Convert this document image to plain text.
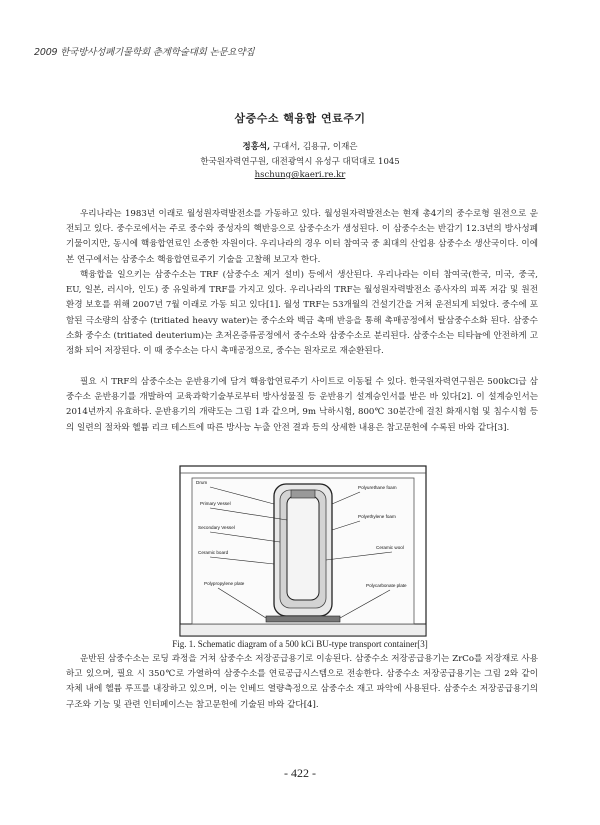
2009 한국방사성폐기물학회 춘계학술대회 논문요약집
삼중수소 핵융합 연료주기
정홍석, 구대서, 김용규, 이재은
한국원자력연구원, 대전광역시 유성구 대덕대로 1045
hschung@kaeri.re.kr

우리나라는 1983년 이래로 월성원자력발전소를 가동하고 있다. 월성원자력발전소는 현재 총4기의 중수로형 원전으로 운전되고 있다. 중수로에서는 주로 중수와 중성자의 핵반응으로 삼중수소가 생성된다. 이 삼중수소는 반감기 12.3년의 방사성폐기물이지만, 동시에 핵융합연료인 소중한 자원이다. 우리나라의 경우 이터 참여국 중 최대의 산업용 삼중수소 생산국이다. 이에 본 연구에서는 삼중수소 핵융합연료주기 기술을 고찰해 보고자 한다.

핵융합을 일으키는 삼중수소는 TRF (삼중수소 제거 설비) 등에서 생산된다. 우리나라는 이터 참여국(한국, 미국, 중국, EU, 일본, 러시아, 인도) 중 유일하게 TRF를 가지고 있다. 우리나라의 TRF는 월성원자력발전소 종사자의 피폭 저감 및 원전 환경 보호를 위해 2007년 7월 이래로 가동 되고 있다[1]. 월성 TRF는 53개월의 건설기간을 거쳐 운전되게 되었다. 중수에 포함된 극소량의 삼중수 (tritiated heavy water)는 중수소와 백금 촉매 반응을 통해 촉매공정에서 탈삼중수소화 된다. 삼중수소화 중수소 (tritiated deuterium)는 초저온증류공정에서 중수소와 삼중수소로 분리된다. 삼중수소는 티타늄에 안전하게 고정화 되어 저장된다. 이 때 중수소는 다시 촉매공정으로, 중수는 원자로로 재순환된다.

필요 시 TRF의 삼중수소는 운반용기에 담겨 핵융합연료주기 사이트로 이동될 수 있다. 한국원자력연구원은 500kCi급 삼중수소 운반용기를 개발하여 교육과학기술부로부터 방사성물질 등 운반용기 설계승인서를 받은 바 있다[2]. 이 설계승인서는 2014년까지 유효하다. 운반용기의 개략도는 그림 1과 같으며, 9m 낙하시험, 800℃ 30분간에 걸친 화재시험 및 침수시험 등의 일련의 절차와 헬륨 리크 테스트에 따른 방사능 누출 안전 결과 등의 상세한 내용은 참고문헌에 수록된 바와 같다[3].

Drum
Primary Vessel
Secondary Vessel
Ceramic board
Polypropylene plate
Polyurethane foam
Polyethylene foam
Ceramic wool
Polycarbonate plate
Fig. 1. Schematic diagram of a 500 kCi BU-type transport container[3]

운반된 삼중수소는 로딩 과정을 거쳐 삼중수소 저장공급용기로 이송된다. 삼중수소 저장공급용기는 ZrCo를 저장재로 사용하고 있으며, 필요 시 350℃로 가열하여 삼중수소를 연료공급시스템으로 전송한다. 삼중수소 저장공급용기는 그림 2와 같이 자체 내에 헬륨 루프를 내장하고 있으며, 이는 인베드 열량측정으로 삼중수소 재고 파악에 사용된다. 삼중수소 저장공급용기의 구조와 기능 및 관련 인터페이스는 참고문헌에 기술된 바와 같다[4].

- 422 -
